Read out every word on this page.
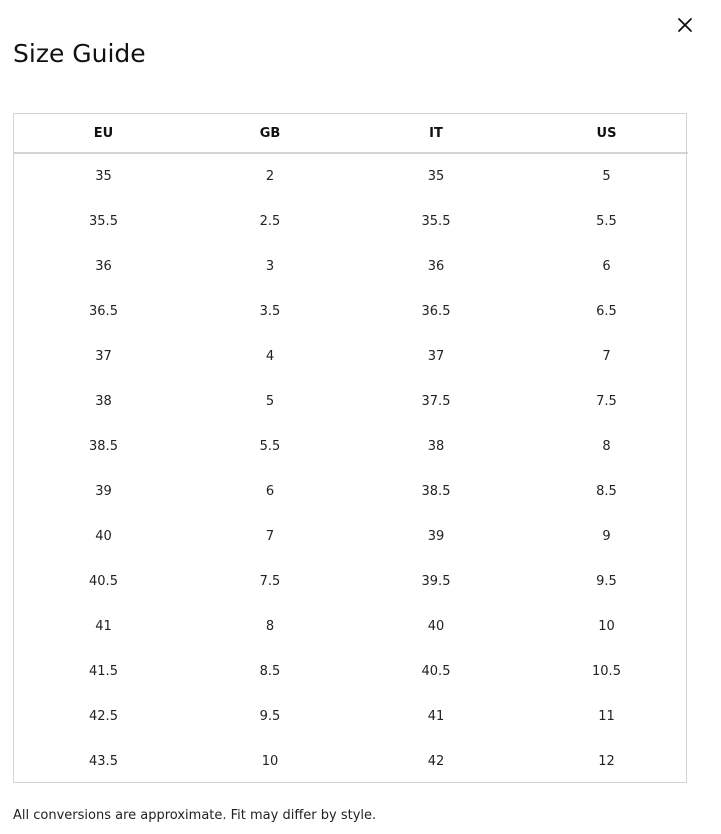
Size Guide
EU	GB	IT	US
35	2	35	5
35.5	2.5	35.5	5.5
36	3	36	6
36.5	3.5	36.5	6.5
37	4	37	7
38	5	37.5	7.5
38.5	5.5	38	8
39	6	38.5	8.5
40	7	39	9
40.5	7.5	39.5	9.5
41	8	40	10
41.5	8.5	40.5	10.5
42.5	9.5	41	11
43.5	10	42	12

All conversions are approximate. Fit may differ by style.
